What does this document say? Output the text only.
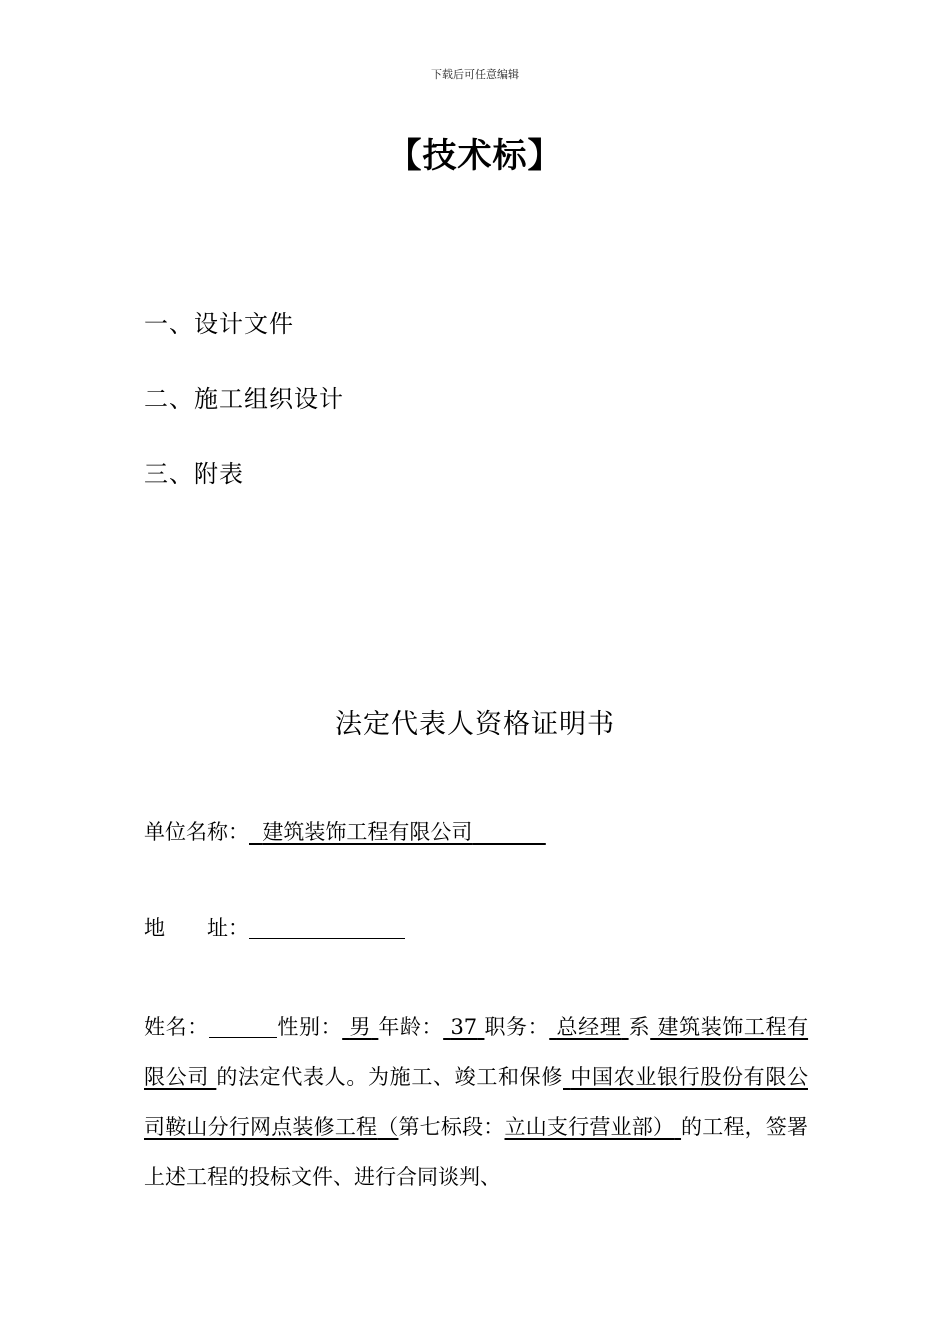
下载后可任意编辑
【技术标】
一、设计文件
二、施工组织设计
三、附表
法定代表人资格证明书
单位名称： 建筑装饰工程有限公司
地　　址：
姓名：	性别： 男 年龄： 37 职务： 总经理 系 建筑装饰工程有限公司 的法定代表人。为施工、竣工和保修 中国农业银行股份有限公司鞍山分行网点装修工程（第七标段：立山支行营业部） 的工程，签署上述工程的投标文件、进行合同谈判、
